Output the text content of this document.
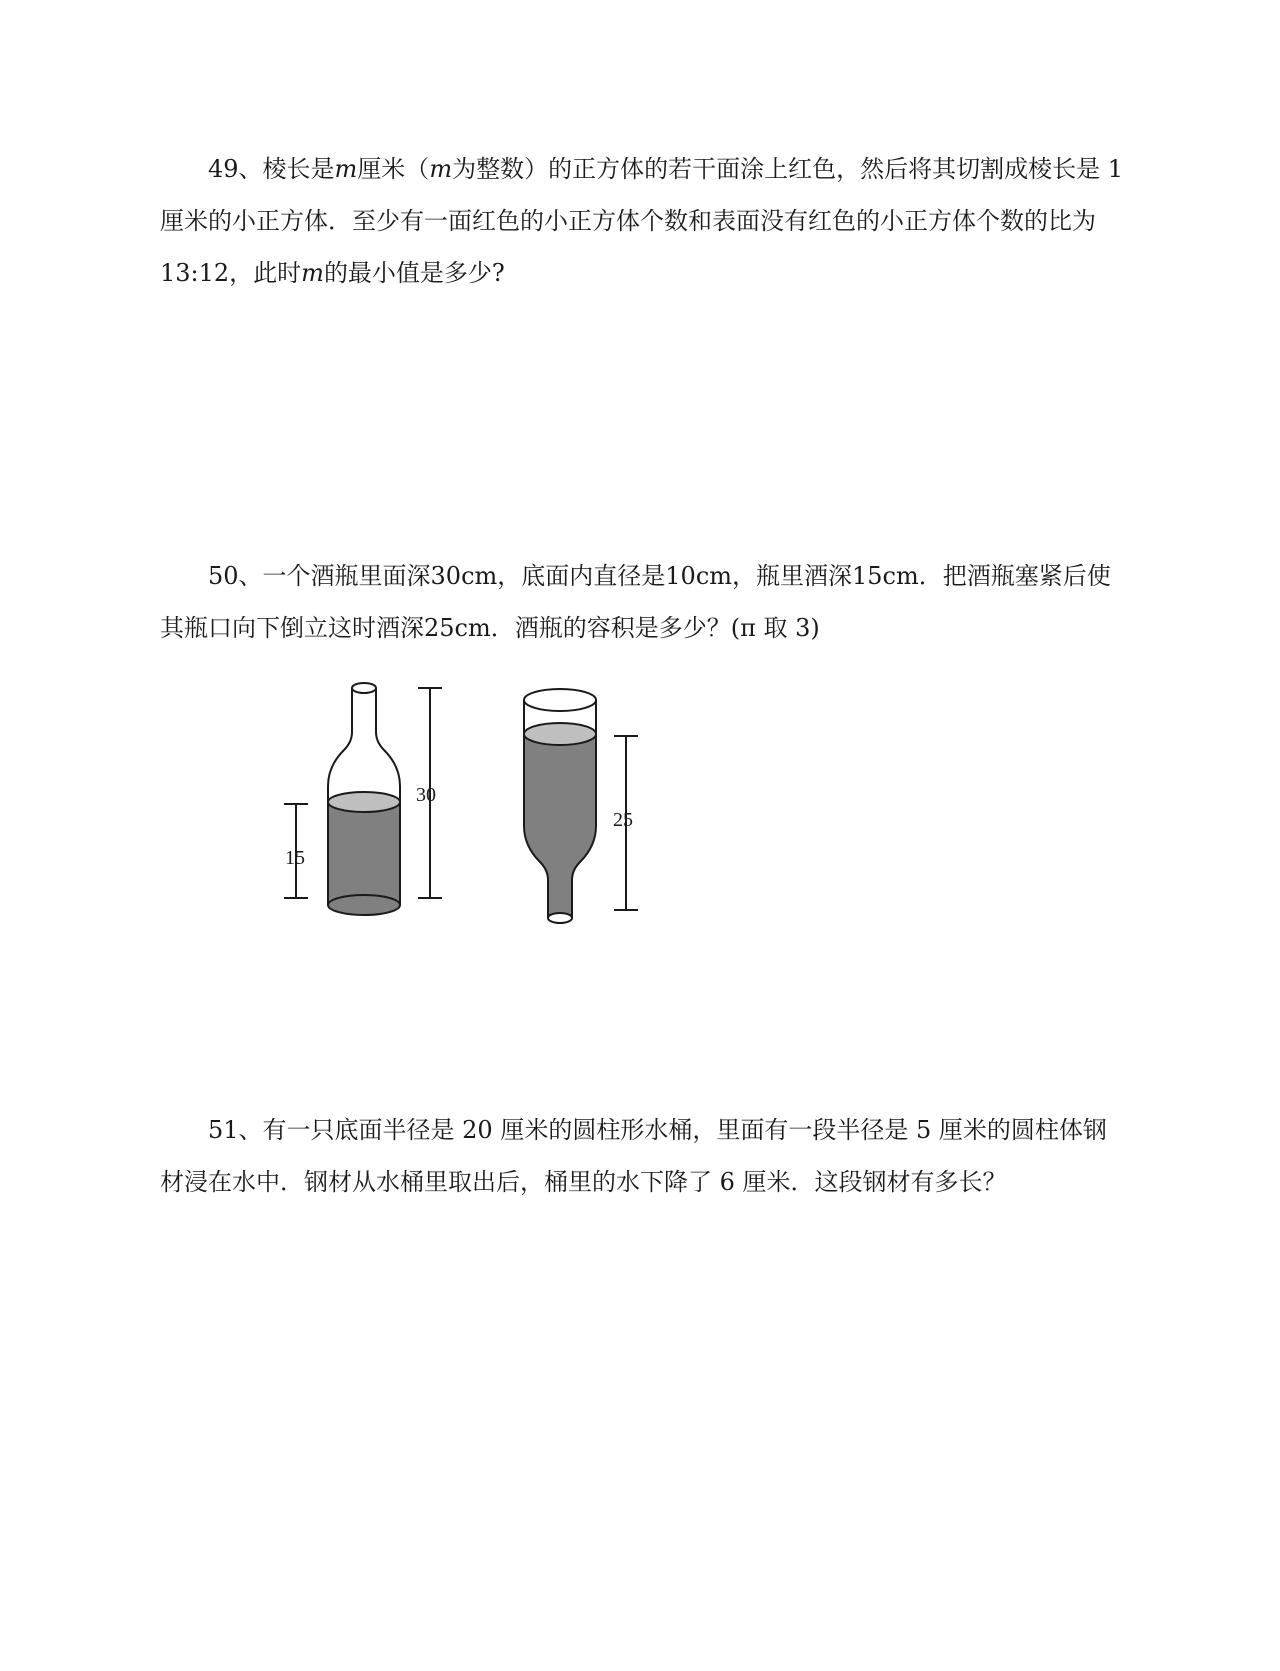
49、棱长是m厘米（m为整数）的正方体的若干面涂上红色，然后将其切割成棱长是 1 厘米的小正方体．至少有一面红色的小正方体个数和表面没有红色的小正方体个数的比为13:12，此时m的最小值是多少?

50、一个酒瓶里面深30cm，底面内直径是10cm，瓶里酒深15cm．把酒瓶塞紧后使其瓶口向下倒立这时酒深25cm．酒瓶的容积是多少？(π 取 3)

30
15
25

51、有一只底面半径是 20 厘米的圆柱形水桶，里面有一段半径是 5 厘米的圆柱体钢材浸在水中．钢材从水桶里取出后，桶里的水下降了 6 厘米．这段钢材有多长？
